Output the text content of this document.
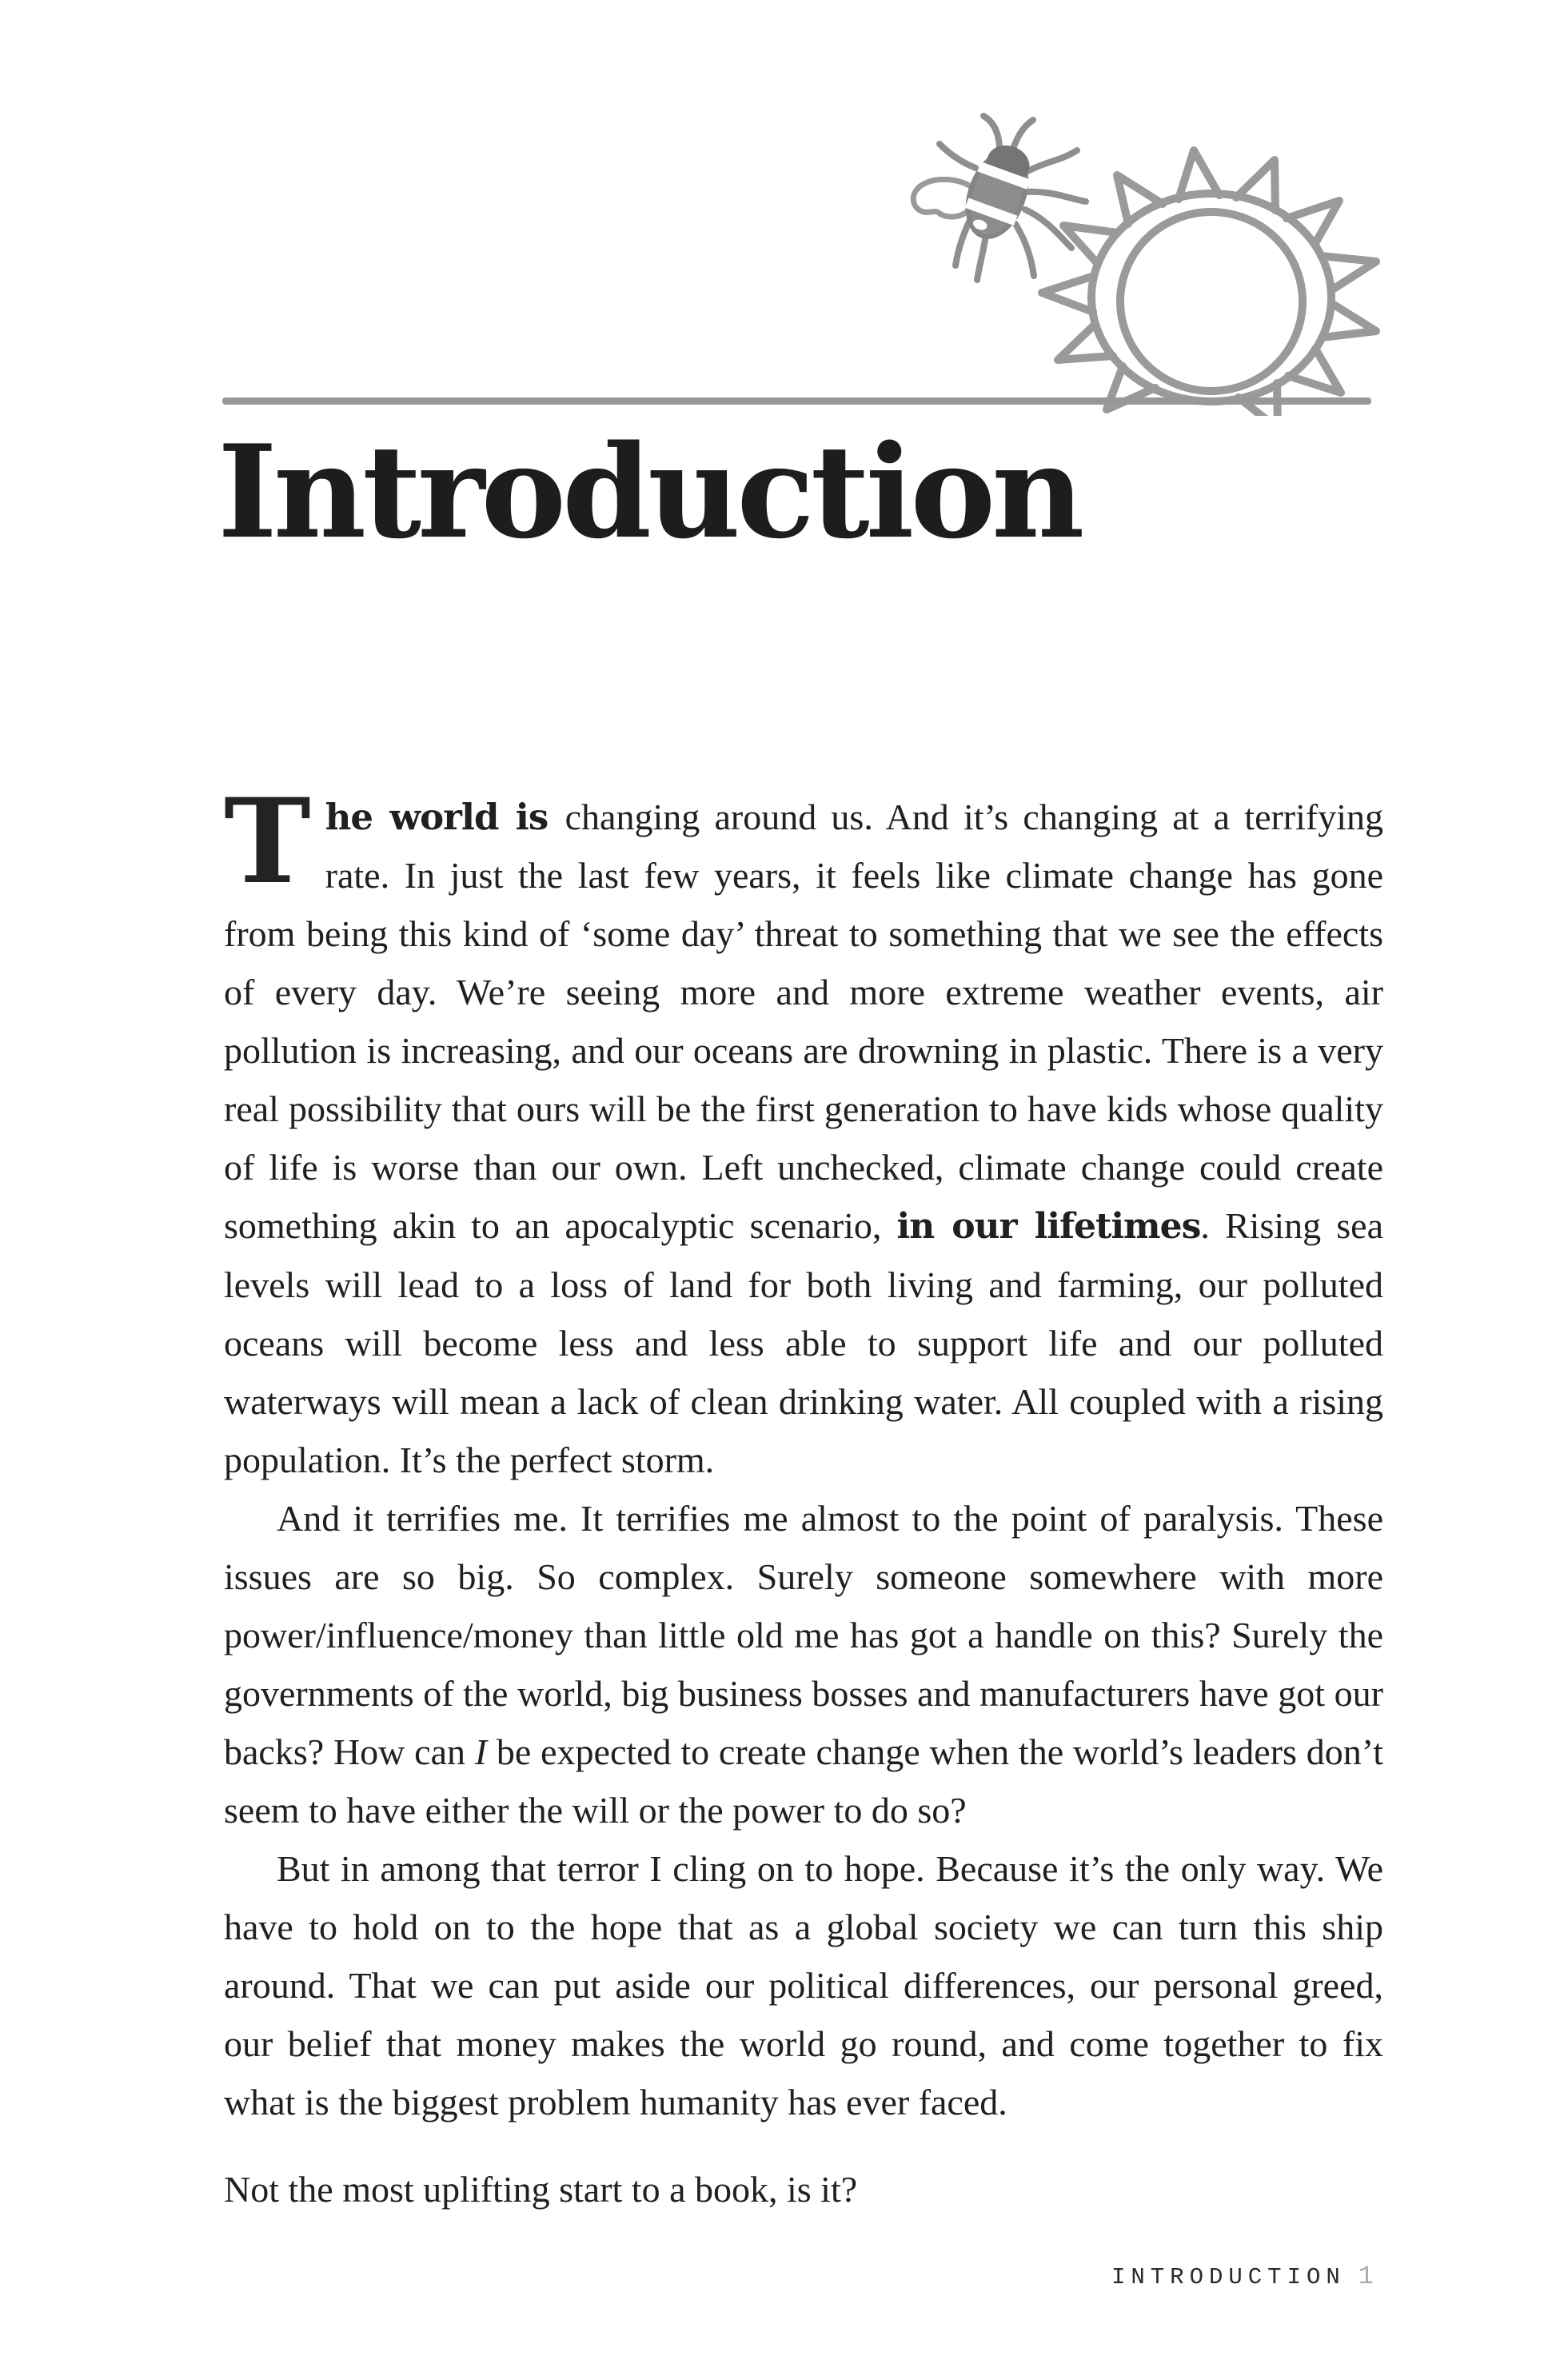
Introduction

The world is changing around us. And it’s changing at a terrifying rate. In just the last few years, it feels like climate change has gone from being this kind of ‘some day’ threat to something that we see the effects of every day. We’re seeing more and more extreme weather events, air pollution is increasing, and our oceans are drowning in plastic. There is a very real possibility that ours will be the first generation to have kids whose quality of life is worse than our own. Left unchecked, climate change could create something akin to an apocalyptic scenario, in our lifetimes. Rising sea levels will lead to a loss of land for both living and farming, our polluted oceans will become less and less able to support life and our polluted waterways will mean a lack of clean drinking water. All coupled with a rising population. It’s the perfect storm.

And it terrifies me. It terrifies me almost to the point of paralysis. These issues are so big. So complex. Surely someone somewhere with more power/influence/money than little old me has got a handle on this? Surely the governments of the world, big business bosses and manufacturers have got our backs? How can I be expected to create change when the world’s leaders don’t seem to have either the will or the power to do so?

But in among that terror I cling on to hope. Because it’s the only way. We have to hold on to the hope that as a global society we can turn this ship around. That we can put aside our political differences, our personal greed, our belief that money makes the world go round, and come together to fix what is the biggest problem humanity has ever faced.

Not the most uplifting start to a book, is it?

INTRODUCTION 1
